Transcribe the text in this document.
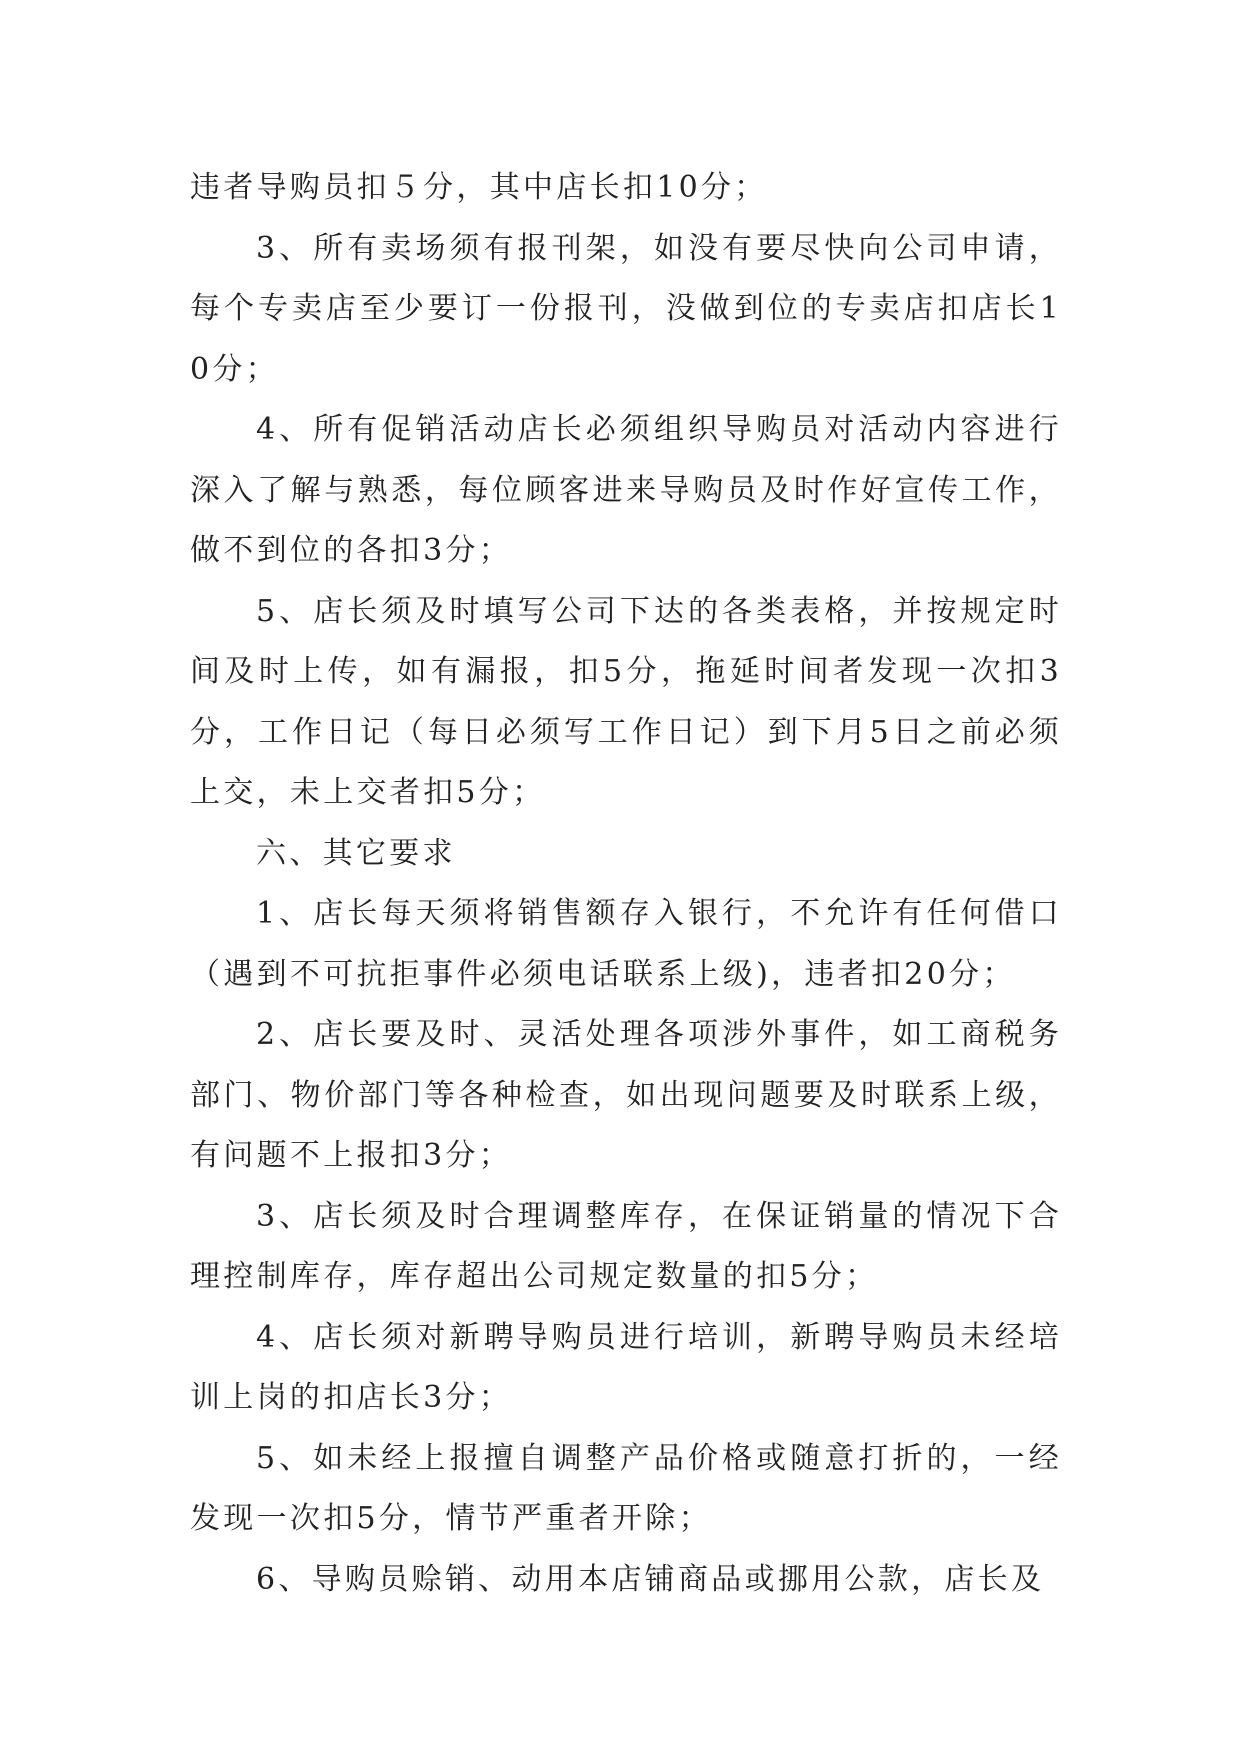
违者导购员扣５分，其中店长扣10分；

3、所有卖场须有报刊架，如没有要尽快向公司申请，每个专卖店至少要订一份报刊，没做到位的专卖店扣店长10分；

4、所有促销活动店长必须组织导购员对活动内容进行深入了解与熟悉，每位顾客进来导购员及时作好宣传工作，做不到位的各扣3分；

5、店长须及时填写公司下达的各类表格，并按规定时间及时上传，如有漏报，扣5分，拖延时间者发现一次扣3分，工作日记（每日必须写工作日记）到下月5日之前必须上交，未上交者扣5分；

六、其它要求

1、店长每天须将销售额存入银行，不允许有任何借口（遇到不可抗拒事件必须电话联系上级)，违者扣20分；

2、店长要及时、灵活处理各项涉外事件，如工商税务部门、物价部门等各种检查，如出现问题要及时联系上级，有问题不上报扣3分；

3、店长须及时合理调整库存，在保证销量的情况下合理控制库存，库存超出公司规定数量的扣5分；

4、店长须对新聘导购员进行培训，新聘导购员未经培训上岗的扣店长3分；

5、如未经上报擅自调整产品价格或随意打折的，一经发现一次扣5分，情节严重者开除；

6、导购员赊销、动用本店铺商品或挪用公款，店长及
